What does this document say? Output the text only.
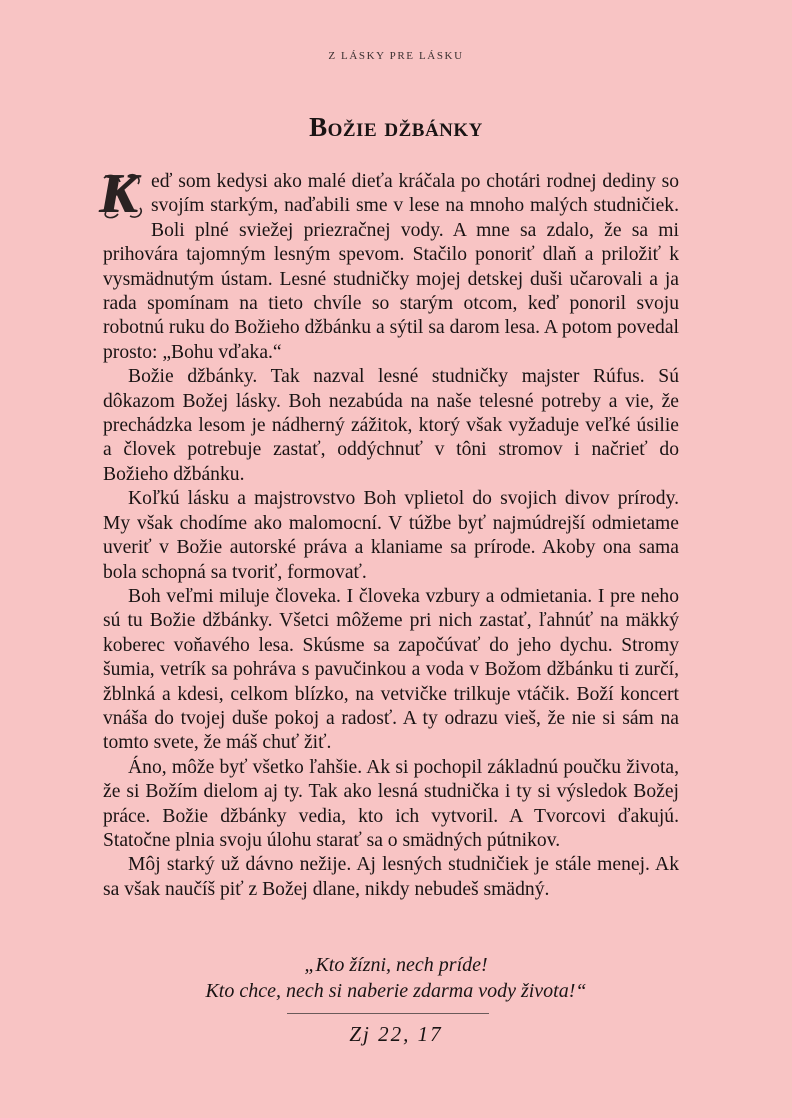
Z LÁSKY PRE LÁSKU
Božie džbánky

K eď som kedysi ako malé dieťa kráčala po chotári rodnej dediny so svojím starkým, naďabili sme v lese na mnoho malých studničiek. Boli plné sviežej priezračnej vody. A mne sa zdalo, že sa mi prihovára tajomným lesným spevom. Stačilo ponoriť dlaň a priložiť k vysmädnutým ústam. Lesné studničky mojej detskej duši učarovali a ja rada spomínam na tieto chvíle so starým otcom, keď ponoril svoju robotnú ruku do Božieho džbánku a sýtil sa darom lesa. A potom povedal prosto: „Bohu vďaka.“

Božie džbánky. Tak nazval lesné studničky majster Rúfus. Sú dôkazom Božej lásky. Boh nezabúda na naše telesné potreby a vie, že prechádzka lesom je nádherný zážitok, ktorý však vyžaduje veľké úsilie a človek potrebuje zastať, oddýchnuť v tôni stromov i načrieť do Božieho džbánku.

Koľkú lásku a majstrovstvo Boh vplietol do svojich divov prírody. My však chodíme ako malomocní. V túžbe byť najmúdrejší odmietame uveriť v Božie autorské práva a klaniame sa prírode. Akoby ona sama bola schopná sa tvoriť, formovať.

Boh veľmi miluje človeka. I človeka vzbury a odmietania. I pre neho sú tu Božie džbánky. Všetci môžeme pri nich zastať, ľahnúť na mäkký koberec voňavého lesa. Skúsme sa započúvať do jeho dychu. Stromy šumia, vetrík sa pohráva s pavučinkou a voda v Božom džbánku ti zurčí, žblnká a kdesi, celkom blízko, na vetvičke trilkuje vtáčik. Boží koncert vnáša do tvojej duše pokoj a radosť. A ty odrazu vieš, že nie si sám na tomto svete, že máš chuť žiť.

Áno, môže byť všetko ľahšie. Ak si pochopil základnú poučku života, že si Božím dielom aj ty. Tak ako lesná studnička i ty si výsledok Božej práce. Božie džbánky vedia, kto ich vytvoril. A Tvorcovi ďakujú. Statočne plnia svoju úlohu starať sa o smädných pútnikov.

Môj starký už dávno nežije. Aj lesných studničiek je stále menej. Ak sa však naučíš piť z Božej dlane, nikdy nebudeš smädný.

„Kto žízni, nech príde!
Kto chce, nech si naberie zdarma vody života!“
Zj 22, 17
